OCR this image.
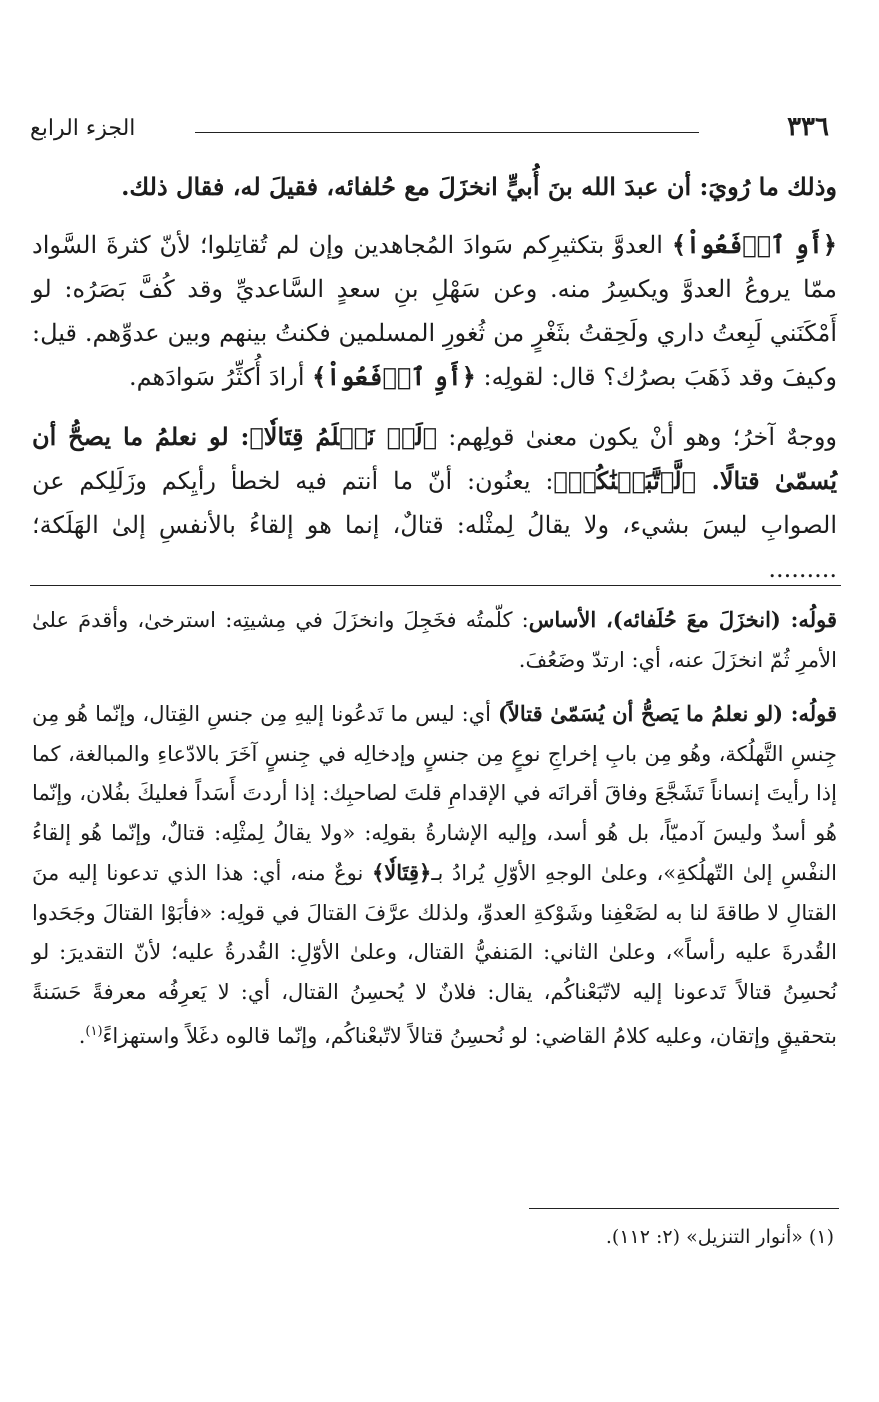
٣٣٦
الجزء الرابع

وذلك ما رُويَ: أن عبدَ الله بنَ أُبيٍّ انخزَلَ مع حُلفائه، فقيلَ له، فقال ذلك.

﴿أَوِ ٱدۡفَعُواْ﴾ العدوَّ بتكثيرِكم سَوادَ المُجاهدين وإن لم تُقاتِلوا؛ لأنّ كثرةَ السَّواد ممّا يروعُ العدوَّ ويكسِرُ منه. وعن سَهْلِ بنِ سعدٍ السَّاعديِّ وقد كُفَّ بَصَرُه: لو أَمْكَنَني لَبِعتُ داري ولَحِقتُ بثَغْرٍ من ثُغورِ المسلمين فكنتُ بينهم وبين عدوِّهم. قيل: وكيفَ وقد ذَهَبَ بصرُك؟ قال: لقولِه: ﴿أَوِ ٱدۡفَعُواْ﴾ أرادَ أُكثِّرُ سَوادَهم.

ووجهٌ آخرُ؛ وهو أنْ يكون معنىٰ قولِهم: ﴿لَوۡ نَعۡلَمُ قِتَالٗا﴾: لو نعلمُ ما يصحُّ أن يُسمّىٰ قتالًا. ﴿لَّٱتَّبَعۡنَٰكُمۡ﴾: يعنُون: أنّ ما أنتم فيه لخطأ رأيِكم وزَلَلِكم عن الصوابِ ليسَ بشيء، ولا يقالُ لِمثْله: قتالٌ، إنما هو إلقاءُ بالأنفسِ إلىٰ الهَلَكة؛ .........

قولُه: (انخزَلَ معَ حُلَفائه)، الأساس: كلّمتُه فخَجِلَ وانخزَلَ في مِشيتِه: استرخىٰ، وأقدمَ علىٰ الأمرِ ثُمّ انخزَلَ عنه، أي: ارتدّ وضَعُفَ.

قولُه: (لو نعلمُ ما يَصحُّ أن يُسَمّىٰ قتالاً) أي: ليس ما تَدعُونا إليهِ مِن جنسِ القِتال، وإنّما هُو مِن جِنسِ التَّهلُكة، وهُو مِن بابِ إخراجِ نوعٍ مِن جنسٍ وإدخالِه في جِنسٍ آخَرَ بالادّعاءِ والمبالغة، كما إذا رأيتَ إنساناً تَشَجَّعَ وفاقَ أقرانَه في الإقدامِ قلتَ لصاحبِك: إذا أردتَ أَسَداً فعليكَ بفُلان، وإنّما هُو أسدٌ وليسَ آدميّاً، بل هُو أسد، وإليه الإشارةُ بقولِه: «ولا يقالُ لِمثْلِه: قتالٌ، وإنّما هُو إلقاءُ النفْسِ إلىٰ التّهلُكةِ»، وعلىٰ الوجهِ الأوّلِ يُرادُ بـ﴿قِتَالٗا﴾ نوعٌ منه، أي: هذا الذي تدعونا إليه منَ القتالِ لا طاقةَ لنا به لضَعْفِنا وشَوْكةِ العدوِّ، ولذلك عرَّفَ القتالَ في قولِه: «فأبَوْا القتالَ وجَحَدوا القُدرةَ عليه رأساً»، وعلىٰ الثاني: المَنفيُّ القتال، وعلىٰ الأوّلِ: القُدرةُ عليه؛ لأنّ التقديرَ: لو نُحسِنُ قتالاً تَدعونا إليه لاتّبَعْناكُم، يقال: فلانٌ لا يُحسِنُ القتال، أي: لا يَعرِفُه معرفةً حَسَنةً بتحقيقٍ وإتقان، وعليه كلامُ القاضي: لو نُحسِنُ قتالاً لاتّبعْناكُم، وإنّما قالوه دغَلاً واستهزاءً$^{(١)}$.

(١) «أنوار التنزيل» (٢: ١١٢).
